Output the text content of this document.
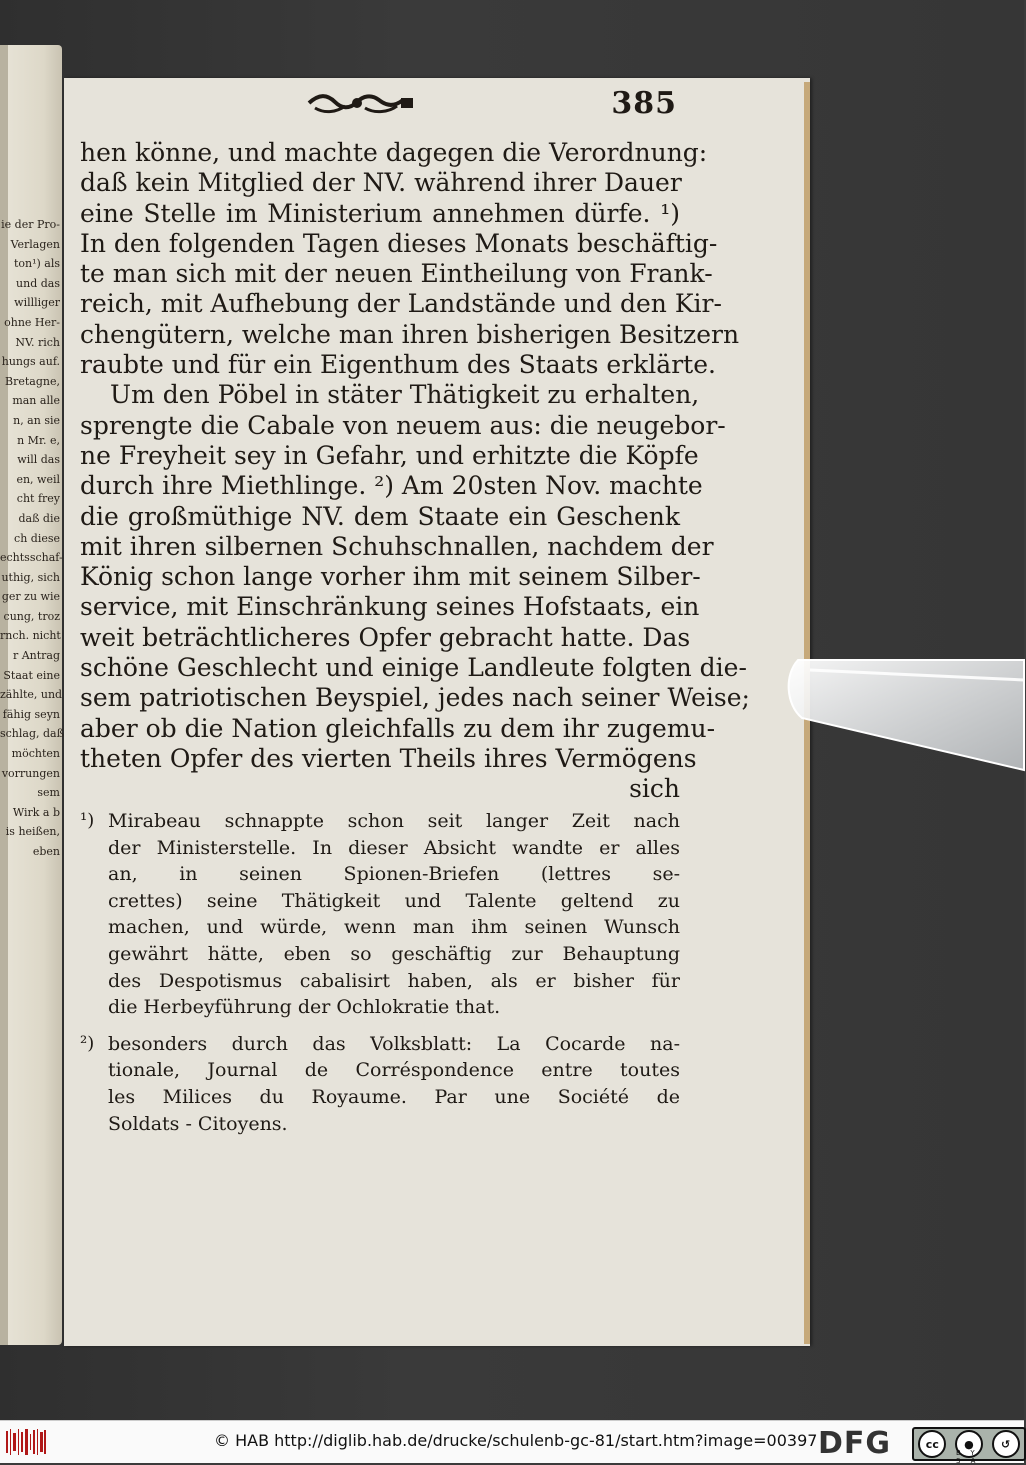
ie der Pro-
Verlagen
ton¹) als
und das
willliger
ohne Her-
NV. rich
hungs auf.
Bretagne,
man alle
n, an sie
n Mr. e,
will das
en, weil
cht frey
daß die
ch diese
echtsschaf-
uthig, sich
ger zu wie
cung, troz
rnch. nicht
r Antrag
Staat eine
zählte, und
fähig seyn
schlag, daß
möchten
vorrungen
sem
Wirk a b
is heißen,
eben
385
hen könne, und machte dagegen die Verordnung:
daß kein Mitglied der NV. während ihrer Dauer
eine Stelle im Ministerium annehmen dürfe. ¹)
In den folgenden Tagen dieses Monats beschäftig-
te man sich mit der neuen Eintheilung von Frank-
reich, mit Aufhebung der Landstände und den Kir-
chengütern, welche man ihren bisherigen Besitzern
raubte und für ein Eigenthum des Staats erklärte.
Um den Pöbel in stäter Thätigkeit zu erhalten,
sprengte die Cabale von neuem aus: die neugebor-
ne Freyheit sey in Gefahr, und erhitzte die Köpfe
durch ihre Miethlinge. ²) Am 20sten Nov. machte
die großmüthige NV. dem Staate ein Geschenk
mit ihren silbernen Schuhschnallen, nachdem der
König schon lange vorher ihm mit seinem Silber-
service, mit Einschränkung seines Hofstaats, ein
weit beträchtlicheres Opfer gebracht hatte. Das
schöne Geschlecht und einige Landleute folgten die-
sem patriotischen Beyspiel, jedes nach seiner Weise;
aber ob die Nation gleichfalls zu dem ihr zugemu-
theten Opfer des vierten Theils ihres Vermögens
sich
¹) Mirabeau schnappte schon seit langer Zeit nach
der Ministerstelle. In dieser Absicht wandte er alles
an, in seinen Spionen-Briefen (lettres se-
crettes) seine Thätigkeit und Talente geltend zu
machen, und würde, wenn man ihm seinen Wunsch
gewährt hätte, eben so geschäftig zur Behauptung
des Despotismus cabalisirt haben, als er bisher für
die Herbeyführung der Ochlokratie that.
²) besonders durch das Volksblatt: La Cocarde na-
tionale, Journal de Corréspondence entre toutes
les Milices du Royaume. Par une Société de
Soldats - Citoyens.
© HAB http://diglib.hab.de/drucke/schulenb-gc-81/start.htm?image=00397 DFG	cc	●	↺
BY SA
